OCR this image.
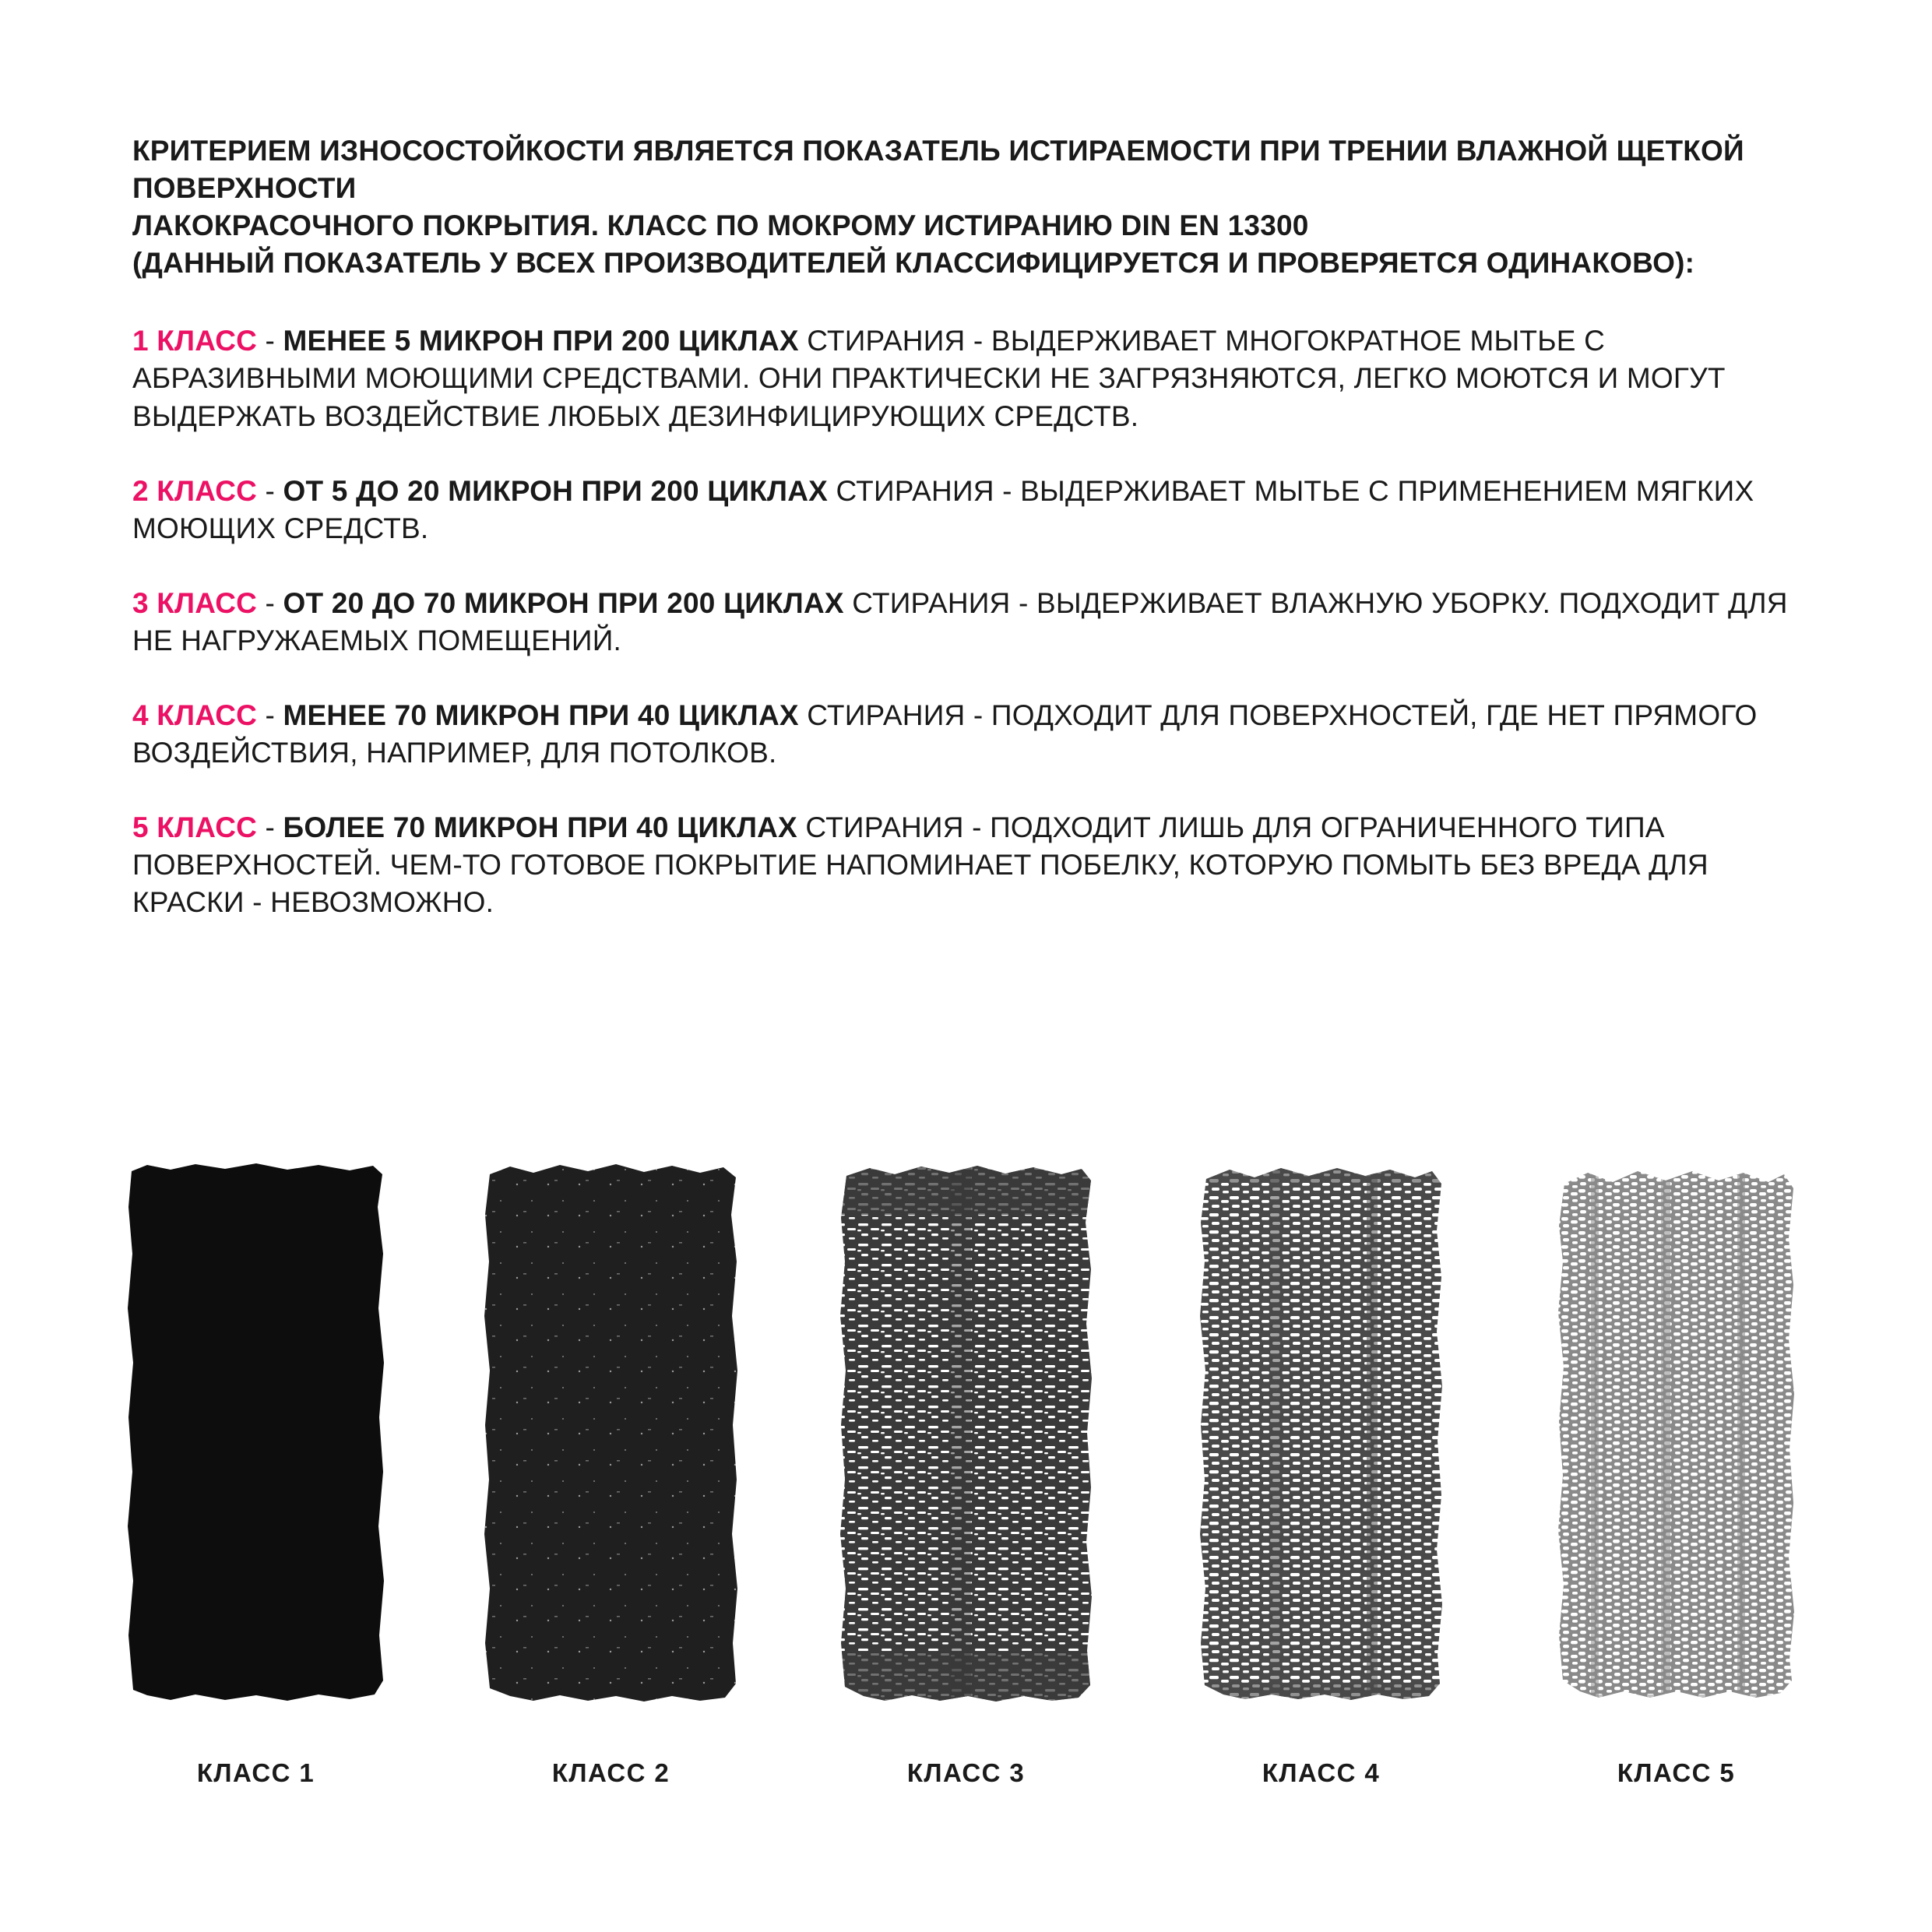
КРИТЕРИЕМ ИЗНОСОСТОЙКОСТИ ЯВЛЯЕТСЯ ПОКАЗАТЕЛЬ ИСТИРАЕМОСТИ ПРИ ТРЕНИИ ВЛАЖНОЙ ЩЕТКОЙ ПОВЕРХНОСТИ
ЛАКОКРАСОЧНОГО ПОКРЫТИЯ. КЛАСС ПО МОКРОМУ ИСТИРАНИЮ DIN EN 13300
(ДАННЫЙ ПОКАЗАТЕЛЬ У ВСЕХ ПРОИЗВОДИТЕЛЕЙ КЛАССИФИЦИРУЕТСЯ И ПРОВЕРЯЕТСЯ ОДИНАКОВО):

1 КЛАСС - МЕНЕЕ 5 МИКРОН ПРИ 200 ЦИКЛАХ СТИРАНИЯ - ВЫДЕРЖИВАЕТ МНОГОКРАТНОЕ МЫТЬЕ С АБРАЗИВНЫМИ МОЮЩИМИ СРЕДСТВАМИ. ОНИ ПРАКТИЧЕСКИ НЕ ЗАГРЯЗНЯЮТСЯ, ЛЕГКО МОЮТСЯ И МОГУТ ВЫДЕРЖАТЬ ВОЗДЕЙСТВИЕ ЛЮБЫХ ДЕЗИНФИЦИРУЮЩИХ СРЕДСТВ.

2 КЛАСС - ОТ 5 ДО 20 МИКРОН ПРИ 200 ЦИКЛАХ СТИРАНИЯ - ВЫДЕРЖИВАЕТ МЫТЬЕ С ПРИМЕНЕНИЕМ МЯГКИХ МОЮЩИХ СРЕДСТВ.

3 КЛАСС - ОТ 20 ДО 70 МИКРОН ПРИ 200 ЦИКЛАХ СТИРАНИЯ - ВЫДЕРЖИВАЕТ ВЛАЖНУЮ УБОРКУ. ПОДХОДИТ ДЛЯ НЕ НАГРУЖАЕМЫХ ПОМЕЩЕНИЙ.

4 КЛАСС - МЕНЕЕ 70 МИКРОН ПРИ 40 ЦИКЛАХ СТИРАНИЯ - ПОДХОДИТ ДЛЯ ПОВЕРХНОСТЕЙ, ГДЕ НЕТ ПРЯМОГО ВОЗДЕЙСТВИЯ, НАПРИМЕР, ДЛЯ ПОТОЛКОВ.

5 КЛАСС - БОЛЕЕ 70 МИКРОН ПРИ 40 ЦИКЛАХ СТИРАНИЯ - ПОДХОДИТ ЛИШЬ ДЛЯ ОГРАНИЧЕННОГО ТИПА ПОВЕРХНОСТЕЙ. ЧЕМ-ТО ГОТОВОЕ ПОКРЫТИЕ НАПОМИНАЕТ ПОБЕЛКУ, КОТОРУЮ ПОМЫТЬ БЕЗ ВРЕДА ДЛЯ КРАСКИ - НЕВОЗМОЖНО.

КЛАСС 1	КЛАСС 2	КЛАСС 3	КЛАСС 4	КЛАСС 5
